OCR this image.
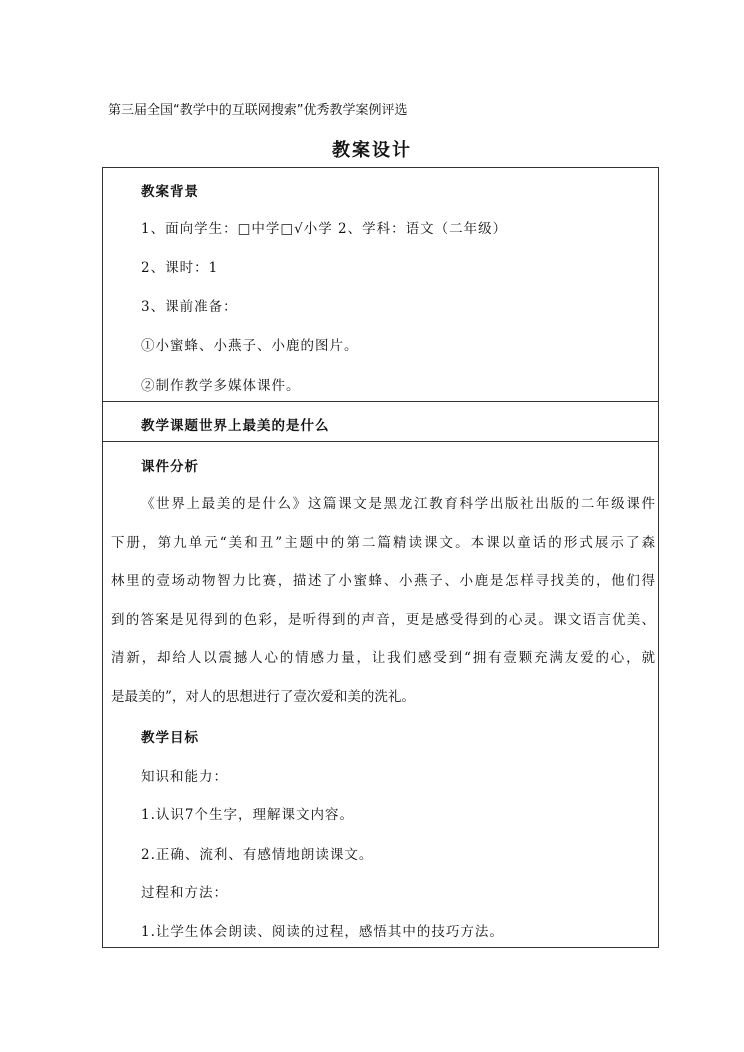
第三届全国“教学中的互联网搜索”优秀教学案例评选
教案设计
教案背景
1、面向学生：□中学□√小学 2、学科：语文（二年级）
2、课时：1
3、课前准备：
①小蜜蜂、小燕子、小鹿的图片。
②制作教学多媒体课件。
教学课题世界上最美的是什么
课件分析
《世界上最美的是什么》这篇课文是黑龙江教育科学出版社出版的二年级课件
下册，第九单元“美和丑”主题中的第二篇精读课文。本课以童话的形式展示了森
林里的壹场动物智力比赛，描述了小蜜蜂、小燕子、小鹿是怎样寻找美的，他们得
到的答案是见得到的色彩，是听得到的声音，更是感受得到的心灵。课文语言优美、
清新，却给人以震撼人心的情感力量，让我们感受到“拥有壹颗充满友爱的心，就
是最美的”，对人的思想进行了壹次爱和美的洗礼。
教学目标
知识和能力：
1.认识7个生字，理解课文内容。
2.正确、流利、有感情地朗读课文。
过程和方法：
1.让学生体会朗读、阅读的过程，感悟其中的技巧方法。
